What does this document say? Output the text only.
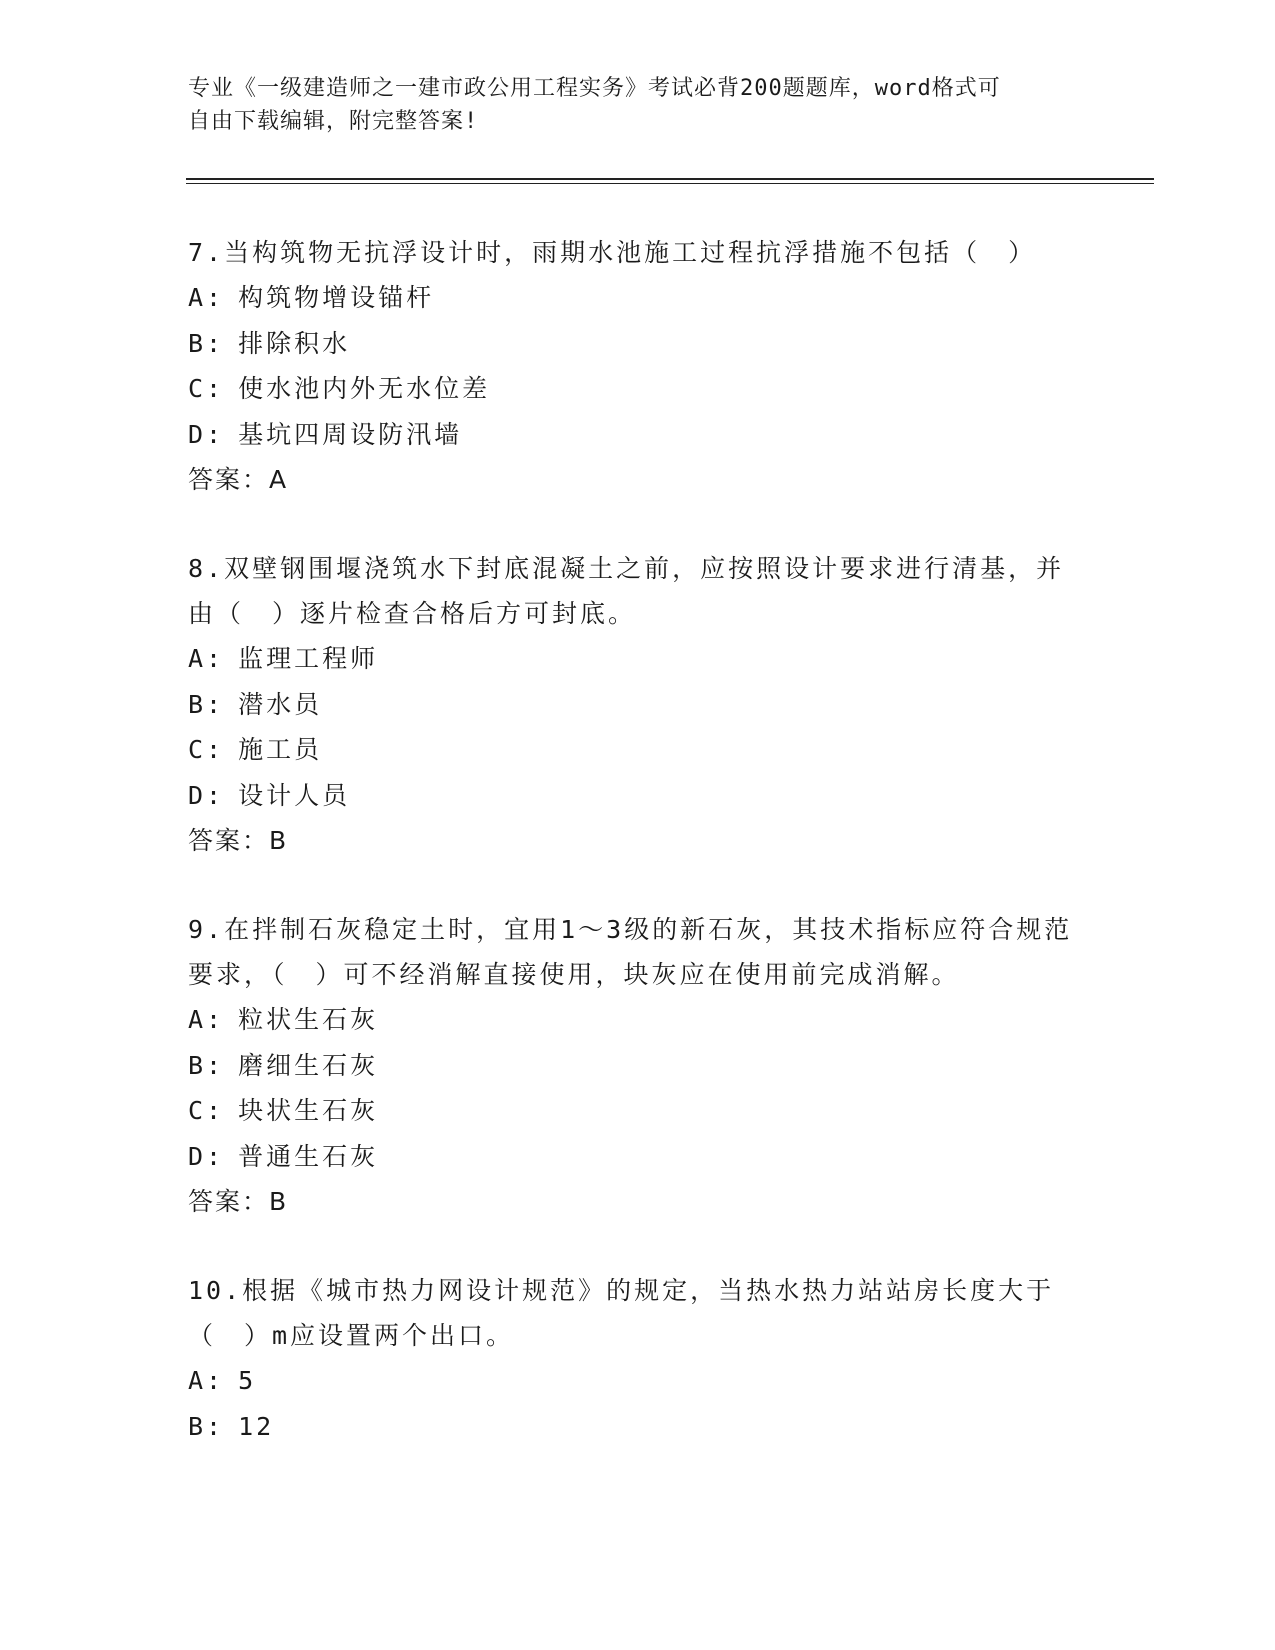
专业《一级建造师之一建市政公用工程实务》考试必背200题题库，word格式可
自由下载编辑，附完整答案!

7.当构筑物无抗浮设计时，雨期水池施工过程抗浮措施不包括（　）

A: 构筑物增设锚杆

B: 排除积水

C: 使水池内外无水位差

D: 基坑四周设防汛墙

答案：A

8.双壁钢围堰浇筑水下封底混凝土之前，应按照设计要求进行清基，并由（　）逐片检查合格后方可封底。

A: 监理工程师

B: 潜水员

C: 施工员

D: 设计人员

答案：B

9.在拌制石灰稳定土时，宜用1～3级的新石灰，其技术指标应符合规范要求，（　）可不经消解直接使用，块灰应在使用前完成消解。

A: 粒状生石灰

B: 磨细生石灰

C: 块状生石灰

D: 普通生石灰

答案：B

10.根据《城市热力网设计规范》的规定，当热水热力站站房长度大于（　）m应设置两个出口。

A: 5

B: 12
